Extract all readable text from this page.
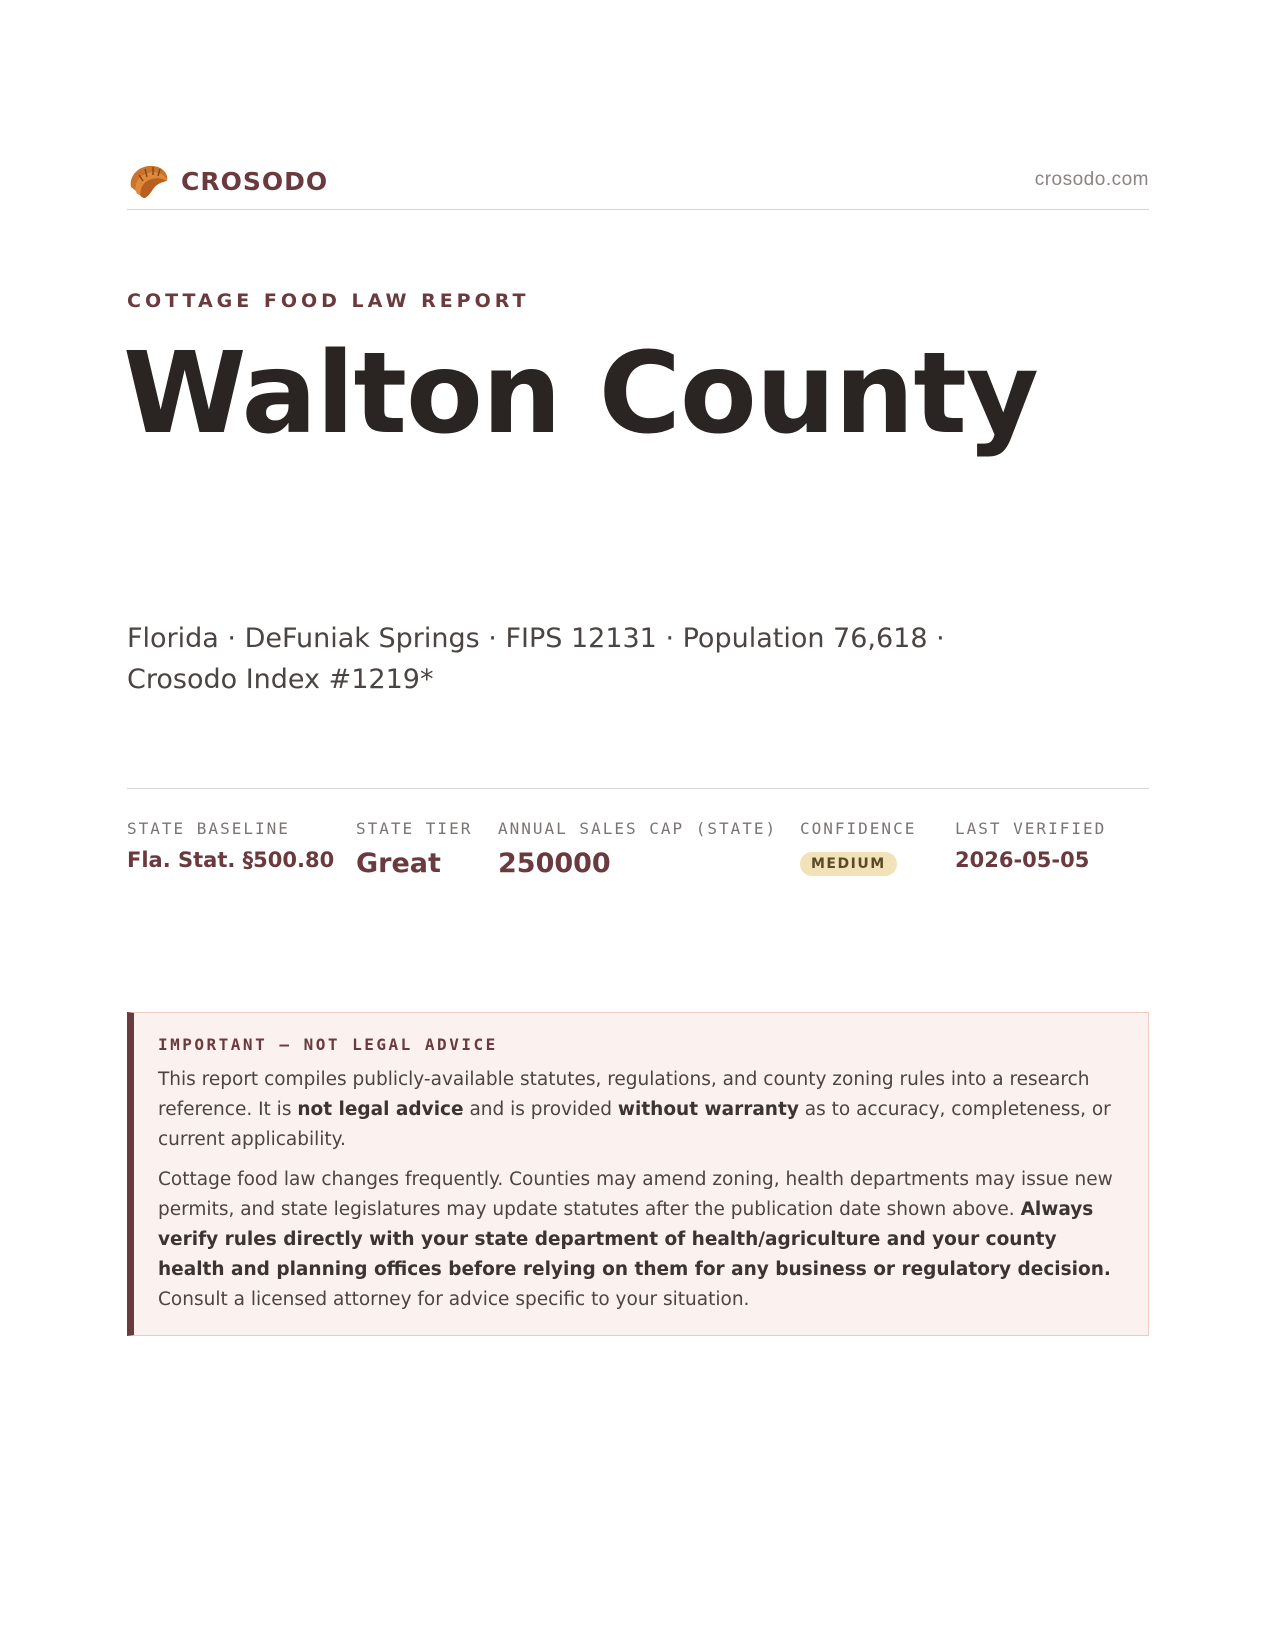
CROSODO	crosodo.com
COTTAGE FOOD LAW REPORT
Walton County
Florida · DeFuniak Springs · FIPS 12131 · Population 76,618 ·
Crosodo Index #1219*
STATE BASELINE
Fla. Stat. §500.80
STATE TIER
Great
ANNUAL SALES CAP (STATE)
250000
CONFIDENCE
MEDIUM
LAST VERIFIED
2026-05-05
IMPORTANT — NOT LEGAL ADVICE

This report compiles publicly-available statutes, regulations, and county zoning rules into a research reference. It is not legal advice and is provided without warranty as to accuracy, completeness, or current applicability.

Cottage food law changes frequently. Counties may amend zoning, health departments may issue new permits, and state legislatures may update statutes after the publication date shown above. Always verify rules directly with your state department of health/agriculture and your county health and planning offices before relying on them for any business or regulatory decision. Consult a licensed attorney for advice specific to your situation.
